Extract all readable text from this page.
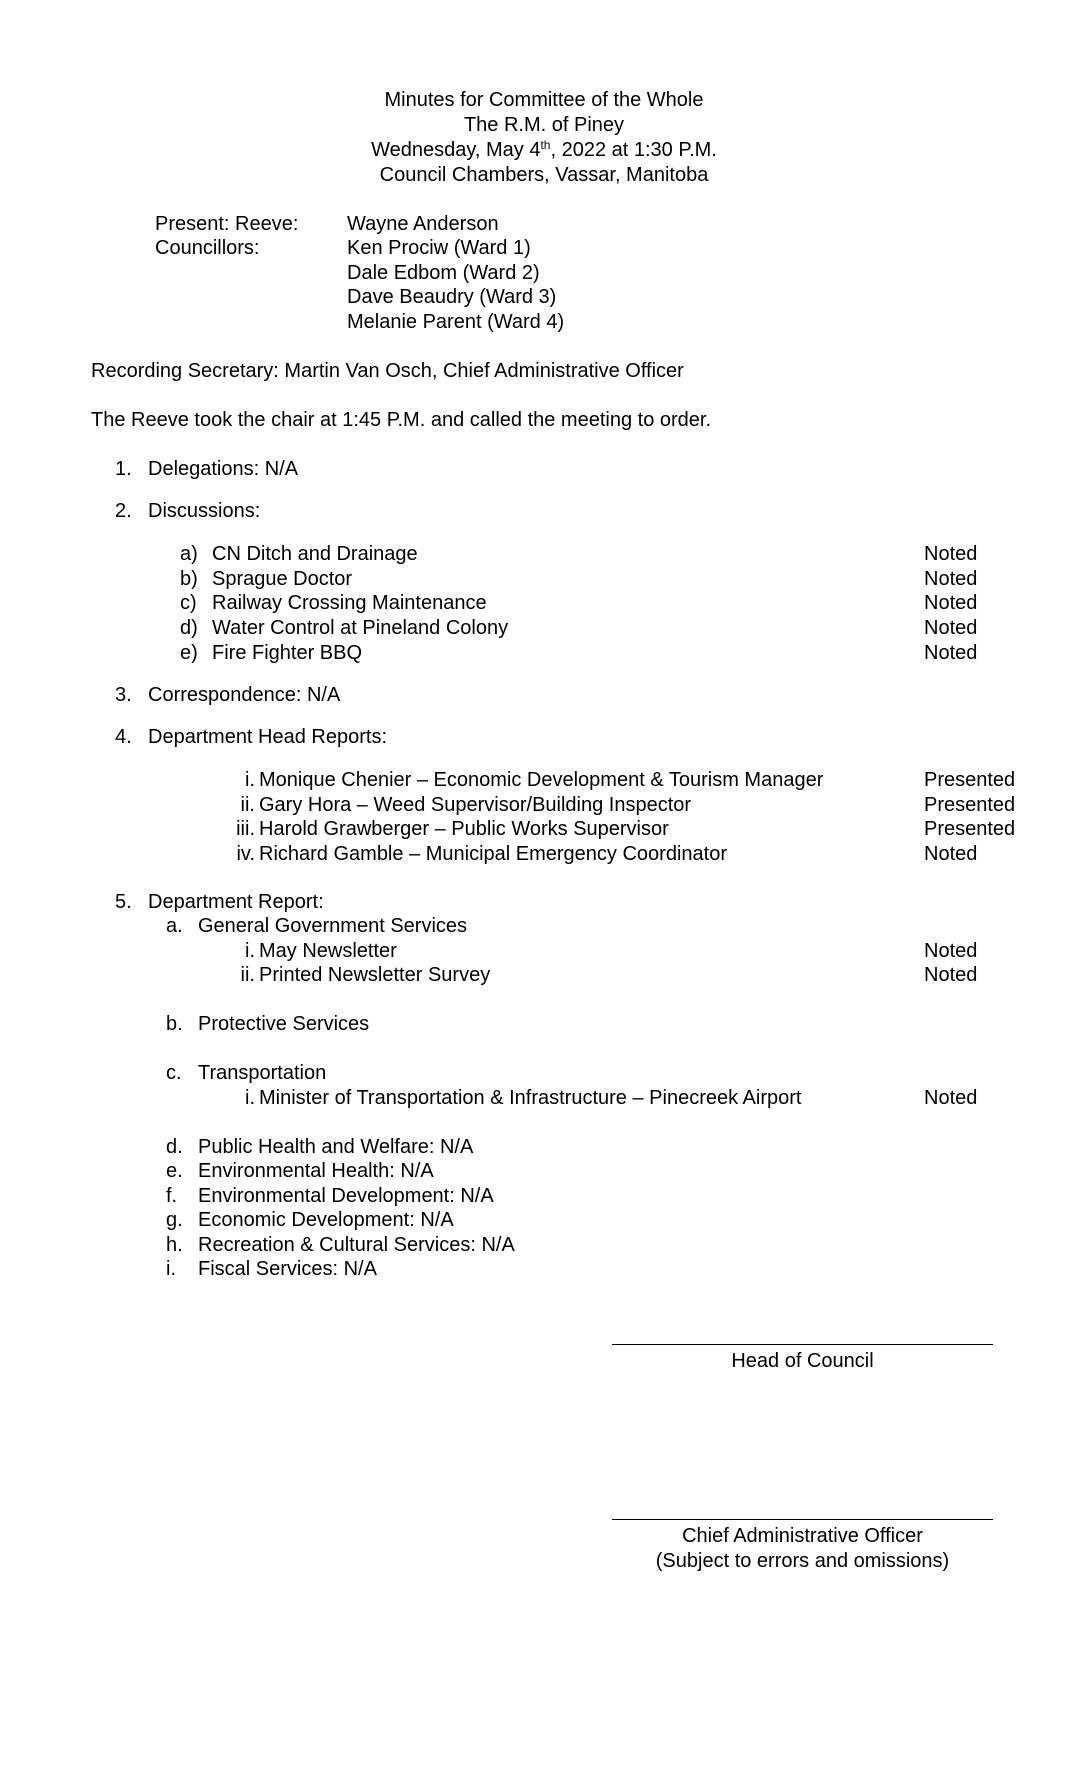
Minutes for Committee of the Whole
The R.M. of Piney
Wednesday, May 4th, 2022 at 1:30 P.M.
Council Chambers, Vassar, Manitoba
Present: Reeve: Wayne Anderson
Councillors:	Ken Prociw (Ward 1)
Dale Edbom (Ward 2)
Dave Beaudry (Ward 3)
Melanie Parent (Ward 4)
Recording Secretary: Martin Van Osch, Chief Administrative Officer
The Reeve took the chair at 1:45 P.M. and called the meeting to order.
1. Delegations: N/A
2. Discussions:
a) CN Ditch and Drainage	Noted
b) Sprague Doctor	Noted
c) Railway Crossing Maintenance	Noted
d) Water Control at Pineland Colony	Noted
e) Fire Fighter BBQ	Noted
3. Correspondence: N/A
4. Department Head Reports:
i. Monique Chenier – Economic Development & Tourism Manager	Presented
ii. Gary Hora – Weed Supervisor/Building Inspector	Presented
iii. Harold Grawberger – Public Works Supervisor	Presented
iv. Richard Gamble – Municipal Emergency Coordinator	Noted
5. Department Report:
a. General Government Services
i. May Newsletter	Noted
ii. Printed Newsletter Survey	Noted
b. Protective Services
c. Transportation
i. Minister of Transportation & Infrastructure – Pinecreek Airport	Noted
d. Public Health and Welfare: N/A
e. Environmental Health: N/A
f. Environmental Development: N/A
g. Economic Development: N/A
h. Recreation & Cultural Services: N/A
i. Fiscal Services: N/A
Head of Council
Chief Administrative Officer
(Subject to errors and omissions)
